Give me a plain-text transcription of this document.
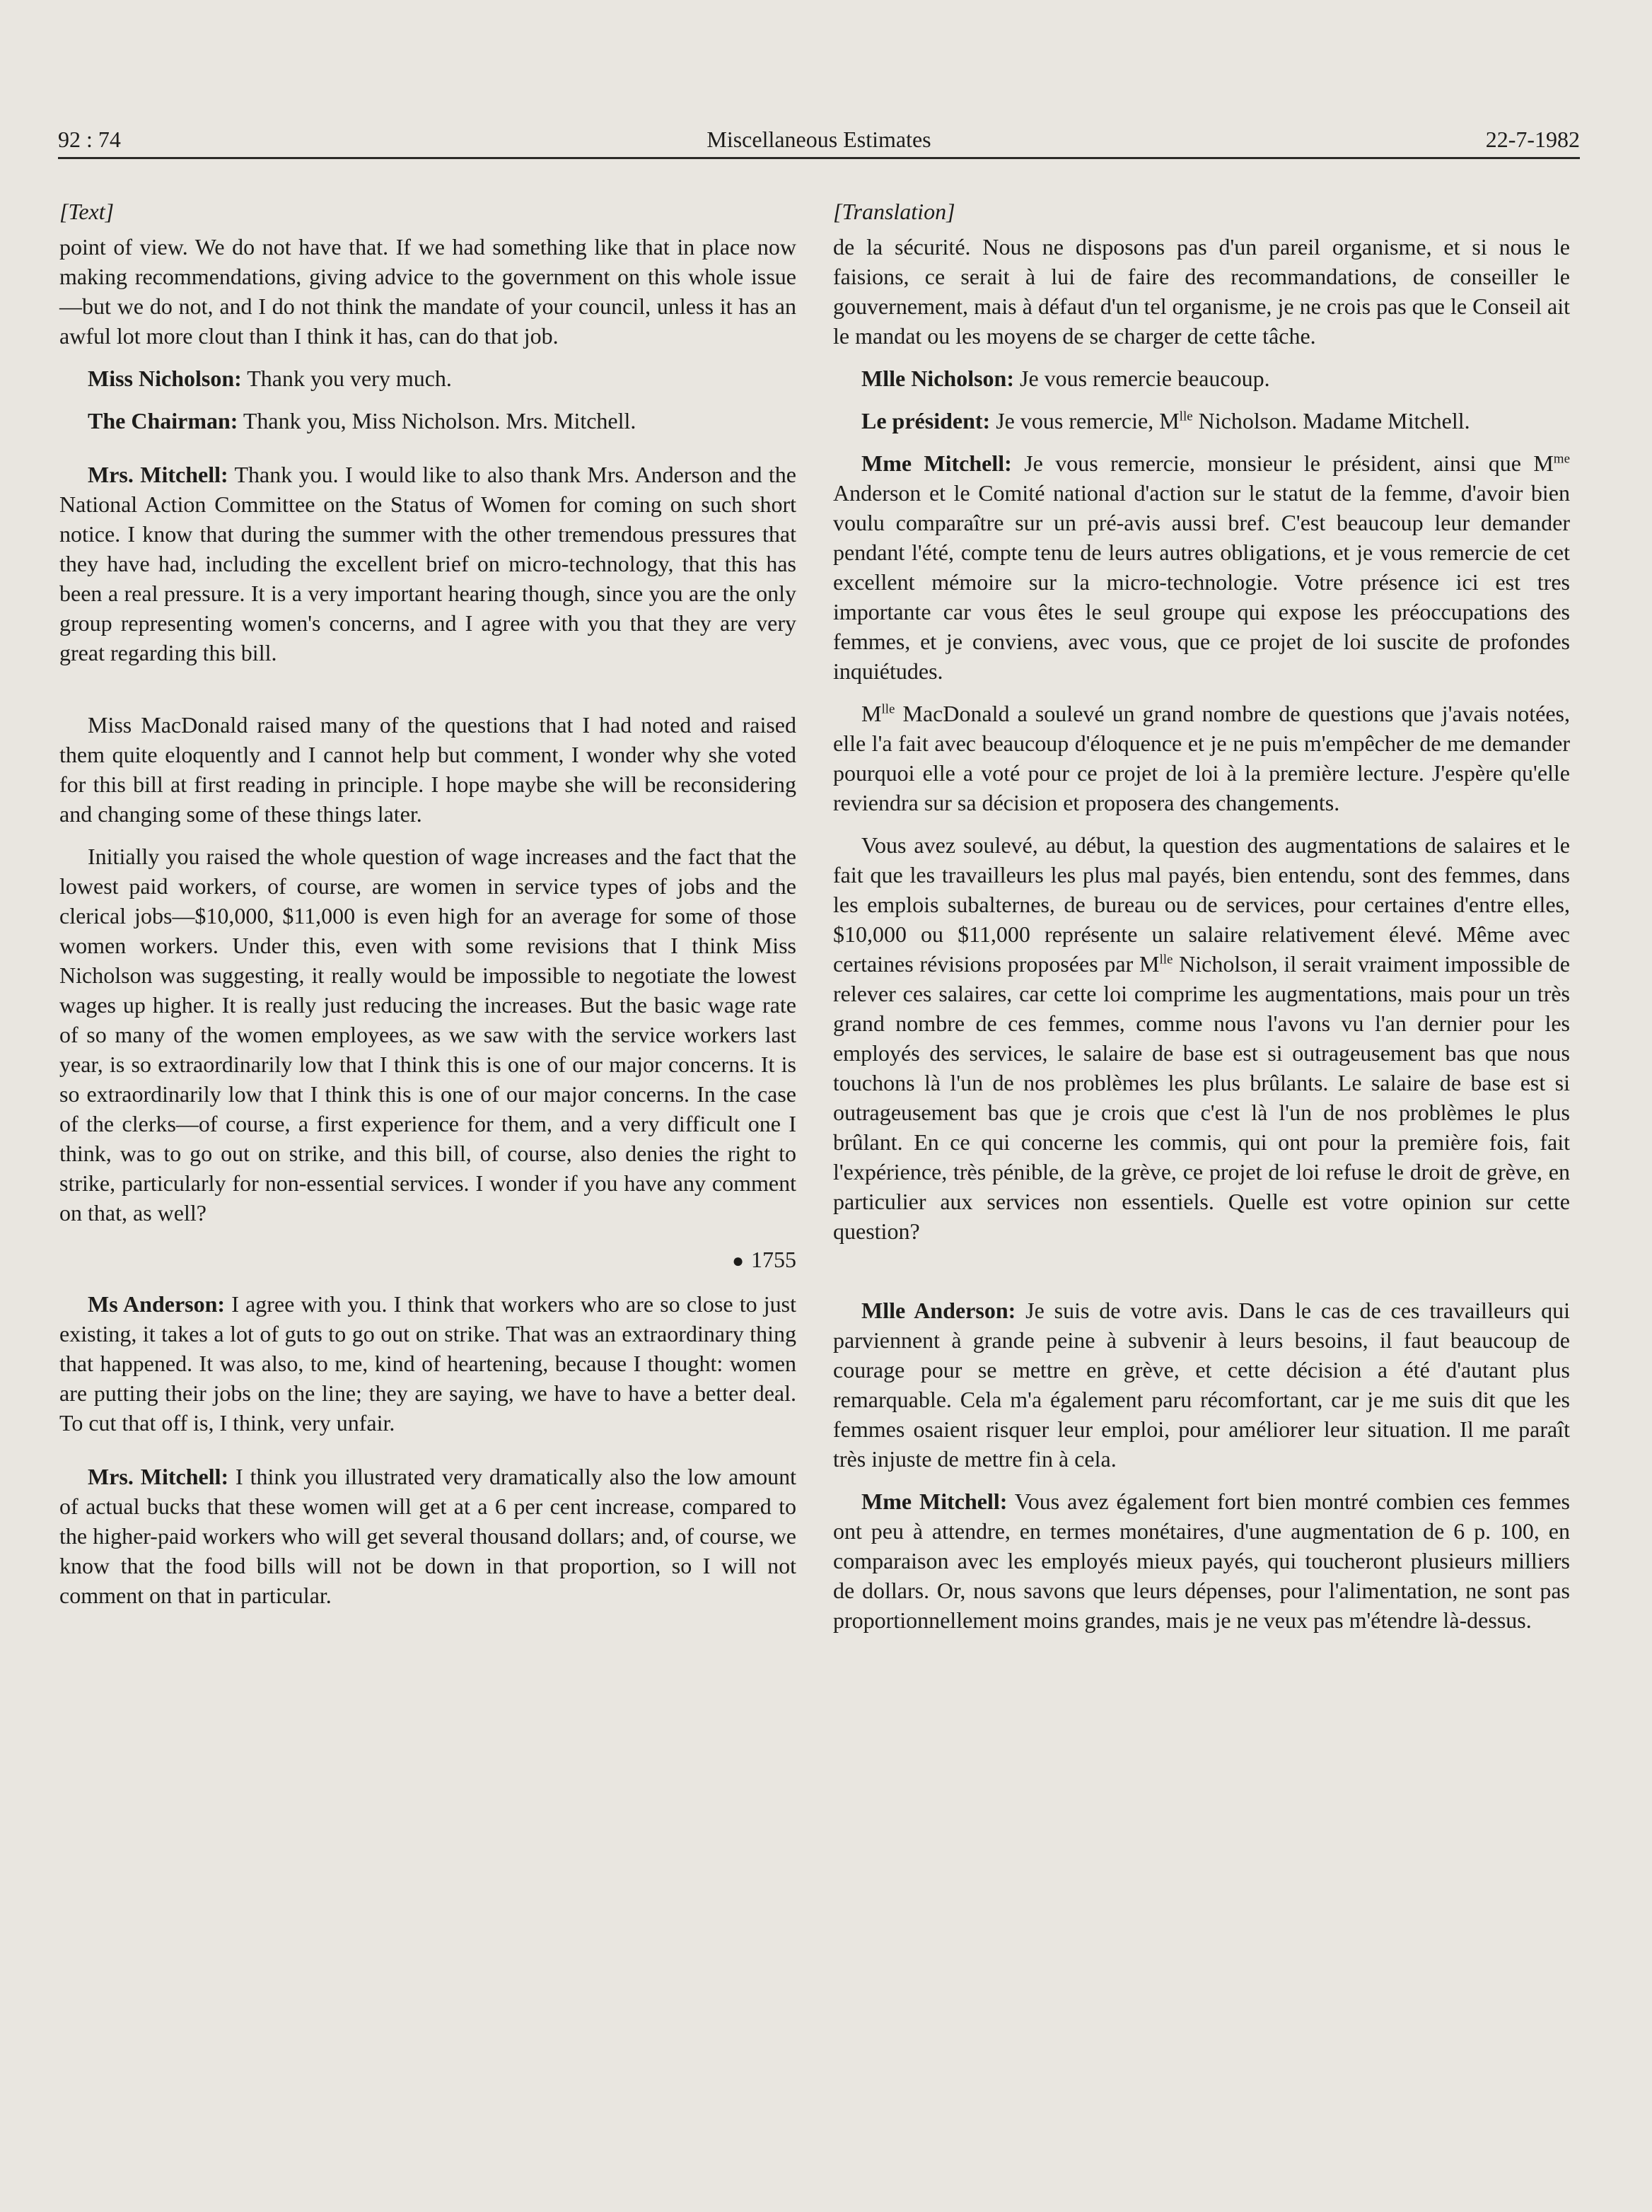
92 : 74	Miscellaneous Estimates	22-7-1982
[Text]

point of view. We do not have that. If we had something like that in place now making recommendations, giving advice to the government on this whole issue—but we do not, and I do not think the mandate of your council, unless it has an awful lot more clout than I think it has, can do that job.

Miss Nicholson: Thank you very much.

The Chairman: Thank you, Miss Nicholson. Mrs. Mitchell.

Mrs. Mitchell: Thank you. I would like to also thank Mrs. Anderson and the National Action Committee on the Status of Women for coming on such short notice. I know that during the summer with the other tremendous pressures that they have had, including the excellent brief on micro-technology, that this has been a real pressure. It is a very important hearing though, since you are the only group representing women's concerns, and I agree with you that they are very great regarding this bill.

Miss MacDonald raised many of the questions that I had noted and raised them quite eloquently and I cannot help but comment, I wonder why she voted for this bill at first reading in principle. I hope maybe she will be reconsidering and changing some of these things later.

Initially you raised the whole question of wage increases and the fact that the lowest paid workers, of course, are women in service types of jobs and the clerical jobs—$10,000, $11,000 is even high for an average for some of those women workers. Under this, even with some revisions that I think Miss Nicholson was suggesting, it really would be impossible to negotiate the lowest wages up higher. It is really just reducing the increases. But the basic wage rate of so many of the women employees, as we saw with the service workers last year, is so extraordinarily low that I think this is one of our major concerns. It is so extraordinarily low that I think this is one of our major concerns. In the case of the clerks—of course, a first experience for them, and a very difficult one I think, was to go out on strike, and this bill, of course, also denies the right to strike, particularly for non-essential services. I wonder if you have any comment on that, as well?

● 1755

Ms Anderson: I agree with you. I think that workers who are so close to just existing, it takes a lot of guts to go out on strike. That was an extraordinary thing that happened. It was also, to me, kind of heartening, because I thought: women are putting their jobs on the line; they are saying, we have to have a better deal. To cut that off is, I think, very unfair.

Mrs. Mitchell: I think you illustrated very dramatically also the low amount of actual bucks that these women will get at a 6 per cent increase, compared to the higher-paid workers who will get several thousand dollars; and, of course, we know that the food bills will not be down in that proportion, so I will not comment on that in particular.

[Translation]

de la sécurité. Nous ne disposons pas d'un pareil organisme, et si nous le faisions, ce serait à lui de faire des recommandations, de conseiller le gouvernement, mais à défaut d'un tel organisme, je ne crois pas que le Conseil ait le mandat ou les moyens de se charger de cette tâche.

Mlle Nicholson: Je vous remercie beaucoup.

Le président: Je vous remercie, $M^{lle}$ Nicholson. Madame Mitchell.

Mme Mitchell: Je vous remercie, monsieur le président, ainsi que $M^{me}$ Anderson et le Comité national d'action sur le statut de la femme, d'avoir bien voulu comparaître sur un pré-avis aussi bref. C'est beaucoup leur demander pendant l'été, compte tenu de leurs autres obligations, et je vous remercie de cet excellent mémoire sur la micro-technologie. Votre présence ici est tres importante car vous êtes le seul groupe qui expose les préoccupations des femmes, et je conviens, avec vous, que ce projet de loi suscite de profondes inquiétudes.

$M^{lle}$ MacDonald a soulevé un grand nombre de questions que j'avais notées, elle l'a fait avec beaucoup d'éloquence et je ne puis m'empêcher de me demander pourquoi elle a voté pour ce projet de loi à la première lecture. J'espère qu'elle reviendra sur sa décision et proposera des changements.

Vous avez soulevé, au début, la question des augmentations de salaires et le fait que les travailleurs les plus mal payés, bien entendu, sont des femmes, dans les emplois subalternes, de bureau ou de services, pour certaines d'entre elles, $10,000 ou $11,000 représente un salaire relativement élevé. Même avec certaines révisions proposées par $M^{lle}$ Nicholson, il serait vraiment impossible de relever ces salaires, car cette loi comprime les augmentations, mais pour un très grand nombre de ces femmes, comme nous l'avons vu l'an dernier pour les employés des services, le salaire de base est si outrageusement bas que nous touchons là l'un de nos problèmes les plus brûlants. Le salaire de base est si outrageusement bas que je crois que c'est là l'un de nos problèmes le plus brûlant. En ce qui concerne les commis, qui ont pour la première fois, fait l'expérience, très pénible, de la grève, ce projet de loi refuse le droit de grève, en particulier aux services non essentiels. Quelle est votre opinion sur cette question?

Mlle Anderson: Je suis de votre avis. Dans le cas de ces travailleurs qui parviennent à grande peine à subvenir à leurs besoins, il faut beaucoup de courage pour se mettre en grève, et cette décision a été d'autant plus remarquable. Cela m'a également paru récomfortant, car je me suis dit que les femmes osaient risquer leur emploi, pour améliorer leur situation. Il me paraît très injuste de mettre fin à cela.

Mme Mitchell: Vous avez également fort bien montré combien ces femmes ont peu à attendre, en termes monétaires, d'une augmentation de 6 p. 100, en comparaison avec les employés mieux payés, qui toucheront plusieurs milliers de dollars. Or, nous savons que leurs dépenses, pour l'alimentation, ne sont pas proportionnellement moins grandes, mais je ne veux pas m'étendre là-dessus.
